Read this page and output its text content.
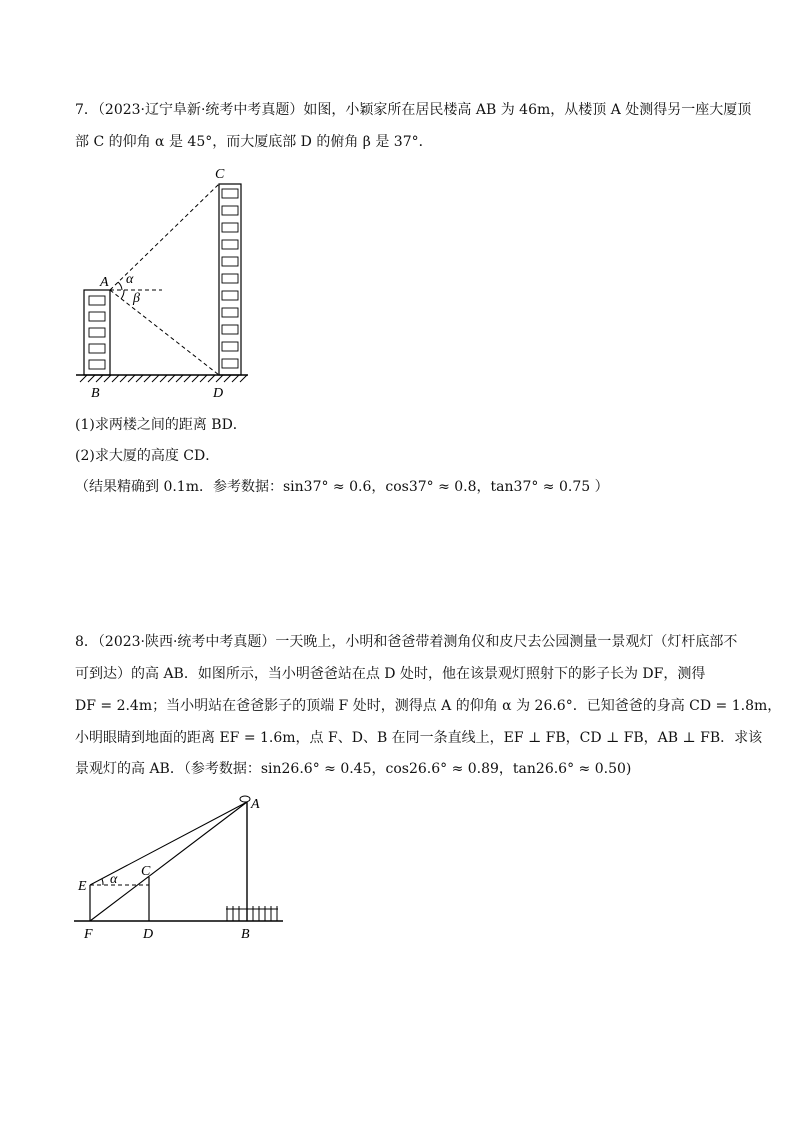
7．（2023·辽宁阜新·统考中考真题）如图，小颖家所在居民楼高 AB 为 46m，从楼顶 A 处测得另一座大厦顶
部 C 的仰角 α 是 45°，而大厦底部 D 的俯角 β 是 37°．
A
C
B	D
α
β
(1)求两楼之间的距离 BD．
(2)求大厦的高度 CD．
（结果精确到 0.1m．参考数据：sin37° ≈ 0.6，cos37° ≈ 0.8，tan37° ≈ 0.75 ）
8．（2023·陕西·统考中考真题）一天晚上，小明和爸爸带着测角仪和皮尺去公园测量一景观灯（灯杆底部不
可到达）的高 AB．如图所示，当小明爸爸站在点 D 处时，他在该景观灯照射下的影子长为 DF，测得
DF = 2.4m；当小明站在爸爸影子的顶端 F 处时，测得点 A 的仰角 α 为 26.6°．已知爸爸的身高 CD = 1.8m，
小明眼睛到地面的距离 EF = 1.6m，点 F、D、B 在同一条直线上，EF ⊥ FB，CD ⊥ FB，AB ⊥ FB．求该
景观灯的高 AB．（参考数据：sin26.6° ≈ 0.45，cos26.6° ≈ 0.89，tan26.6° ≈ 0.50)
A
E
C
α
F	D	B
